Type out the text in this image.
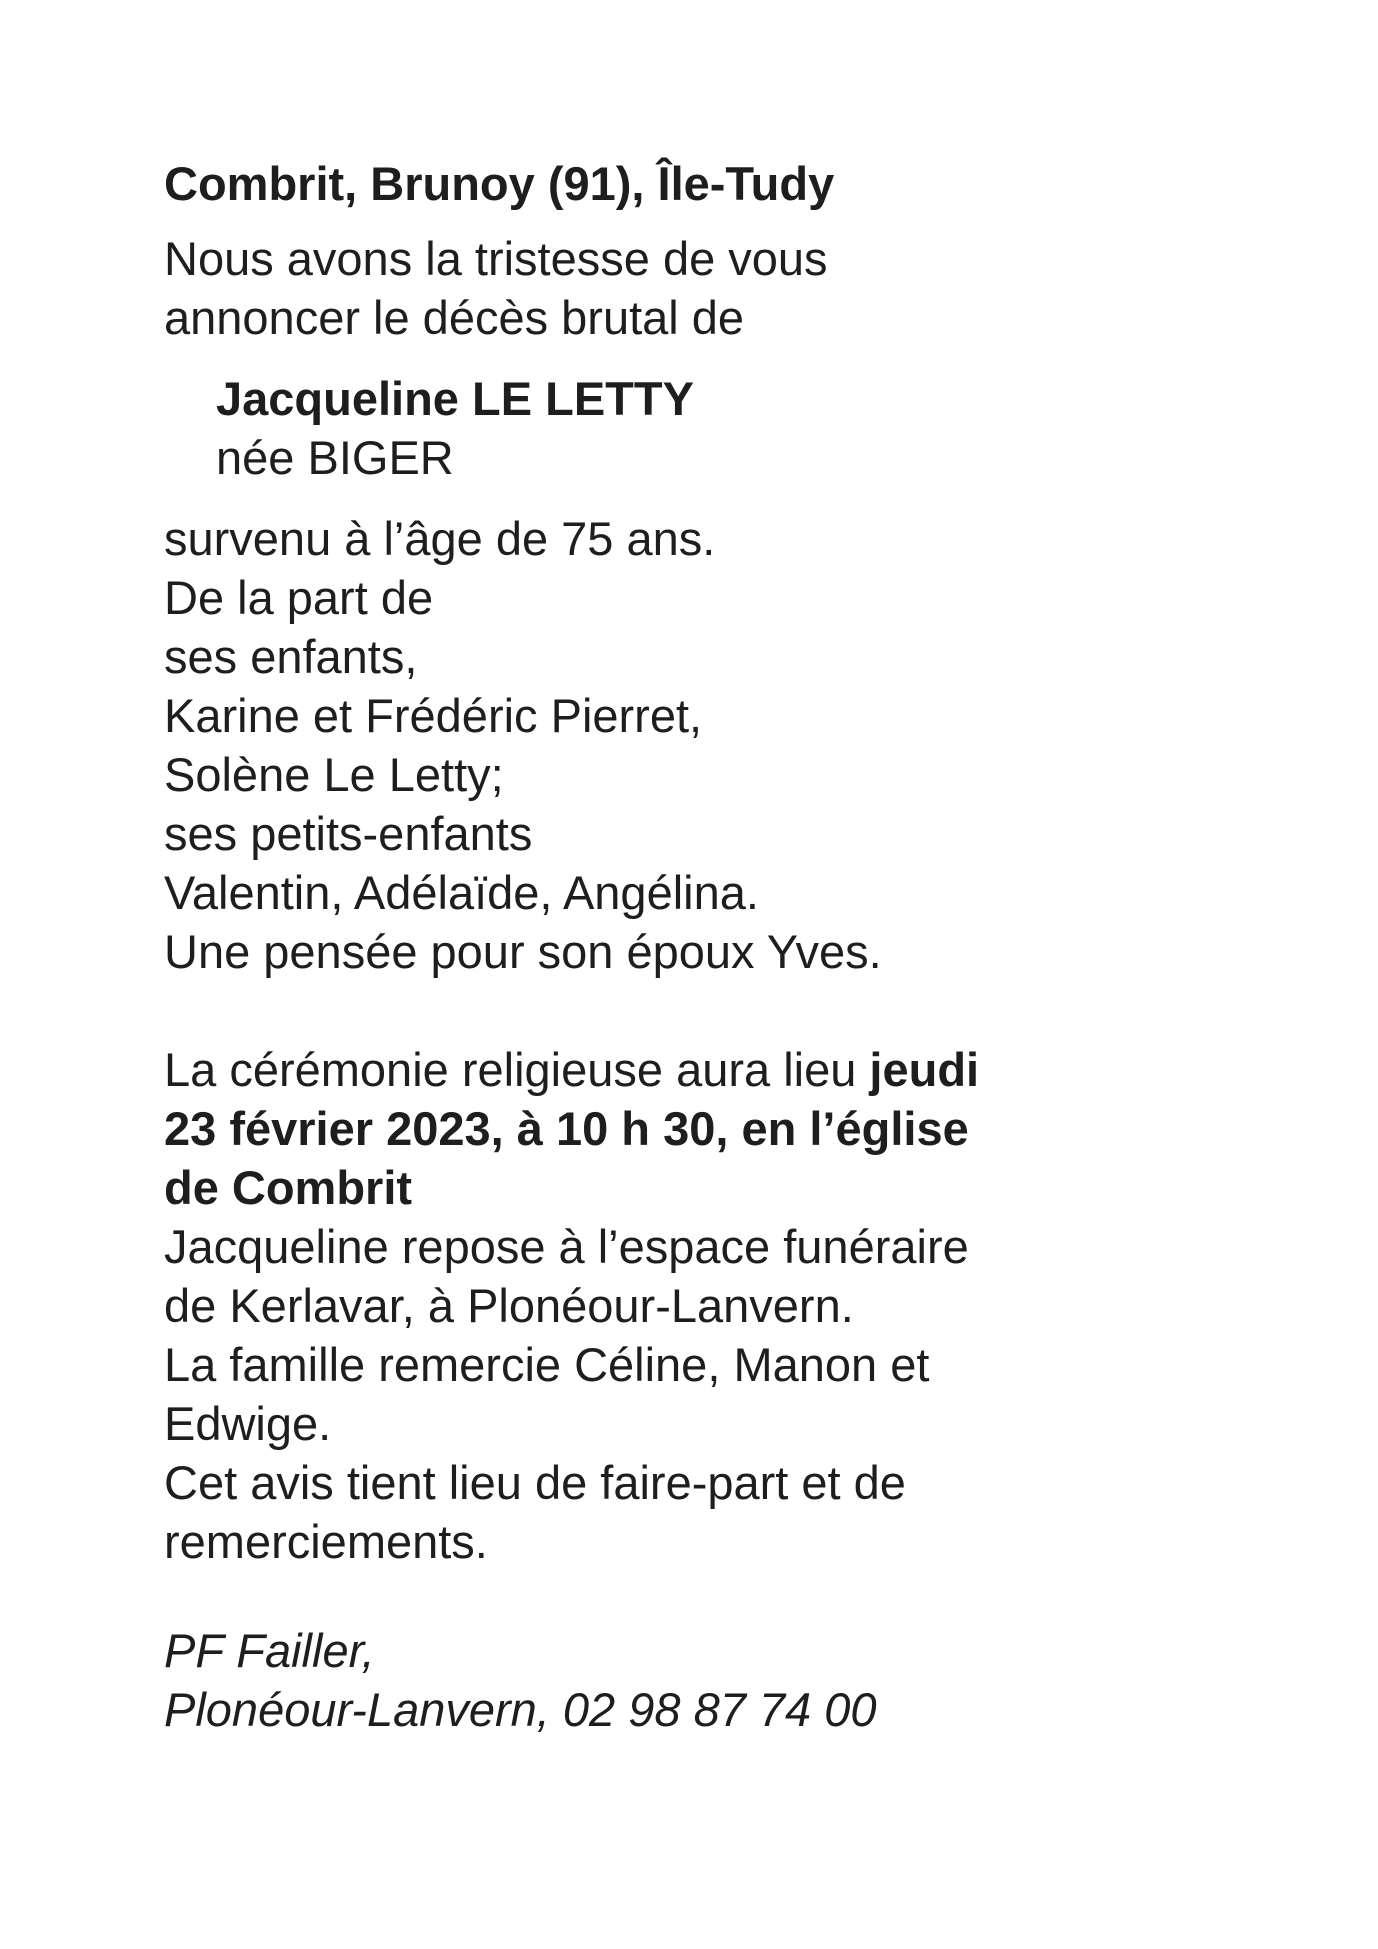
Combrit, Brunoy (91), Île-Tudy
Nous avons la tristesse de vous
annoncer le décès brutal de
Jacqueline LE LETTY
née BIGER
survenu à l’âge de 75 ans.
De la part de
ses enfants,
Karine et Frédéric Pierret,
Solène Le Letty;
ses petits-enfants
Valentin, Adélaïde, Angélina.
Une pensée pour son époux Yves.
La cérémonie religieuse aura lieu jeudi
23 février 2023, à 10 h 30, en l’église
de Combrit
Jacqueline repose à l’espace funéraire
de Kerlavar, à Plonéour-Lanvern.
La famille remercie Céline, Manon et
Edwige.
Cet avis tient lieu de faire-part et de
remerciements.
PF Failler,
Plonéour-Lanvern, 02 98 87 74 00
